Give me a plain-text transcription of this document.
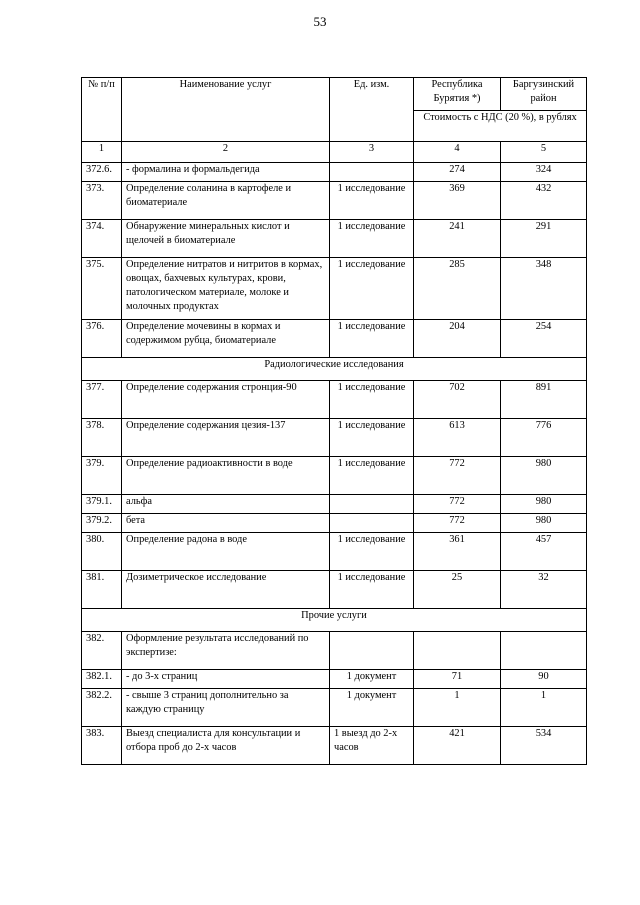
53
№ п/п	Наименование услуг	Ед. изм.	Республика Бурятия *)	Баргузинский район
			Стоимость с НДС (20 %), в рублях	
1	2	3	4	5
372.6.	- формалина и формальдегида		274	324
373.	Определение соланина в картофеле и биоматериале	1 исследование	369	432
374.	Обнаружение минеральных кислот и щелочей в биоматериале	1 исследование	241	291
375.	Определение нитратов и нитритов в кормах, овощах, бахчевых культурах, крови, патологическом материале, молоке и молочных продуктах	1 исследование	285	348
376.	Определение мочевины в кормах и содержимом рубца, биоматериале	1 исследование	204	254
Радиологические исследования				
377.	Определение содержания стронция-90	1 исследование	702	891
378.	Определение содержания цезия-137	1 исследование	613	776
379.	Определение радиоактивности в воде	1 исследование	772	980
379.1.	альфа		772	980
379.2.	бета		772	980
380.	Определение радона в воде	1 исследование	361	457
381.	Дозиметрическое исследование	1 исследование	25	32
Прочие услуги				
382.	Оформление результата исследований по экспертизе:			
382.1.	- до 3-х страниц	1 документ	71	90
382.2.	- свыше 3 страниц дополнительно за каждую страницу	1 документ	1	1
383.	Выезд специалиста для консультации и отбора проб до 2-х часов	1 выезд до 2-х часов	421	534
